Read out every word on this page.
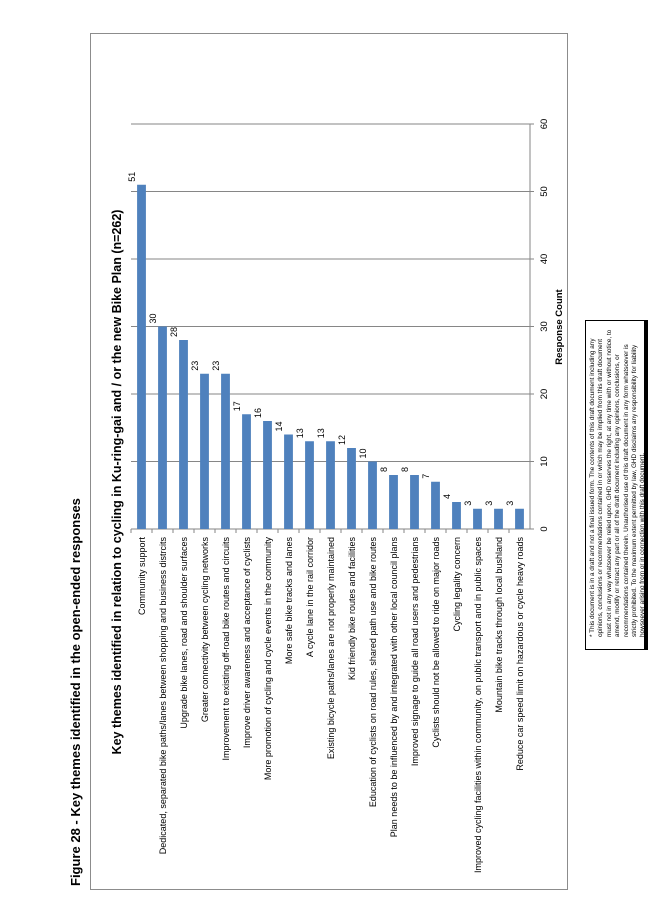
Figure 28 - Key themes identified in the open-ended responses Key themes identified in relation to cycling in Ku-ring-gai and / or the new Bike Plan (n=262)	0
10
20
30
40
50
60
Community support
51
Dedicated, separated bike paths/lanes between shopping and business distrcits
30
Upgrade bike lanes, road and shoulder surfaces
28
Greater connectivity between cycling networks
23
Improvement to existing off-road bike routes and circuits
23
Improve driver awareness and acceptance of cyclists
17
More promotion of cycling and cycle events in the community
16
More safe bike tracks and lanes
14
A cycle lane in the rail corridor
13
Existing bicycle paths/lanes are not properly maintained
13
Kid friendly bike routes and facilities
12
Education of cyclists on road rules, shared path use and bike routes
10
Plan needs to be influenced by and integrated with other local council plans
8
Improved signage to guide all road users and pedestrians
8
Cyclists should not be allowed to ride on major roads
7
Cycling legality concern
4
Improved cycling facilities within community, on public transport and in public spaces
3
Mountain bike tracks through local bushland
3
Reduce car speed limit on hazardous or cycle heavy roads
3
Response Count
* This document is in a draft and not a final issued form. The contents of this draft document including any opinions, conclusions or recommendations contained in or which may be implied from this draft document must not in any way whatsoever be relied upon. GHD reserves the right, at any time with or without notice, to amend, modify or retract any part or all of the draft document including any opinions, conclusions, or recommendations contained therein. Unauthorised use of this draft document in any form whatsoever is strictly prohibited. To the maximum extent permitted by law, GHD disclaims any responsibility for liability howsoever arising from or in connection with this draft document.
